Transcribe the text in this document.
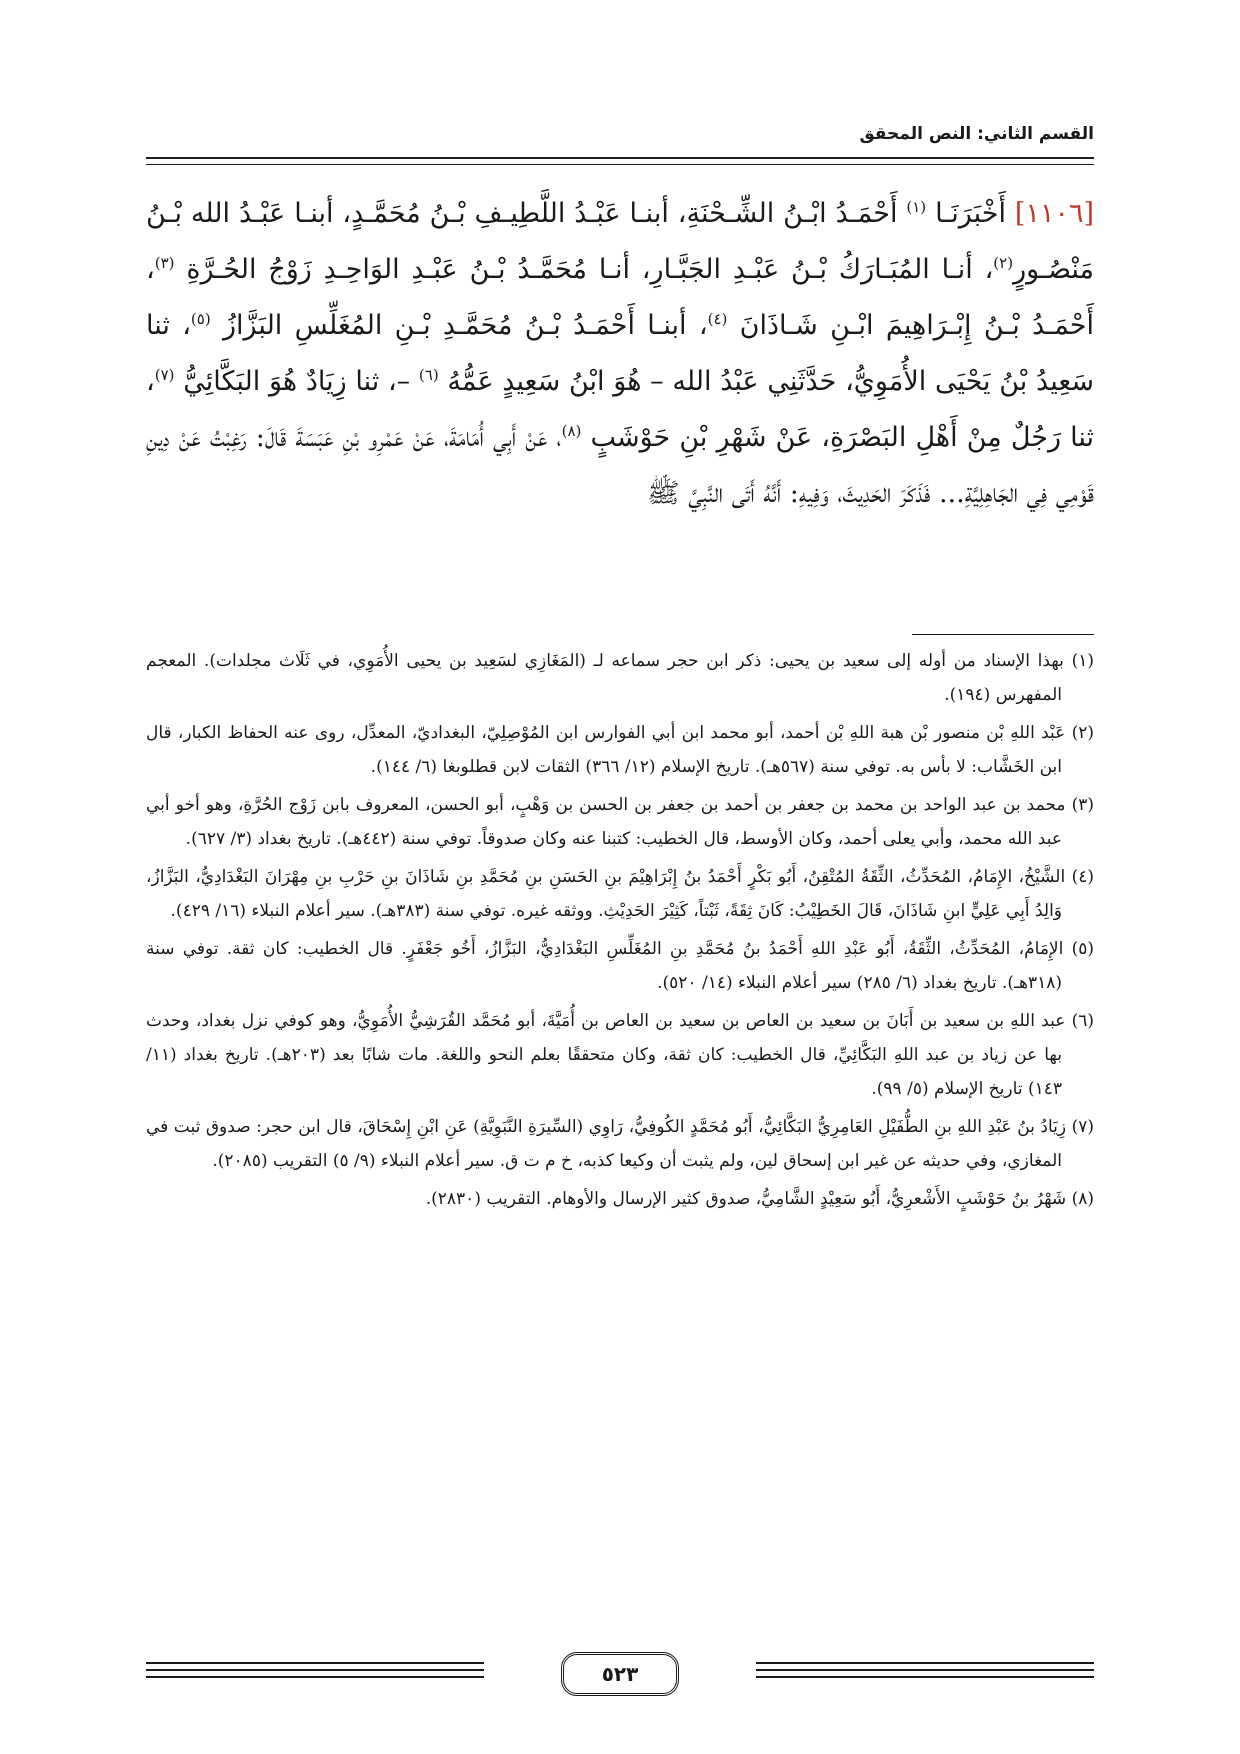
القسم الثاني: النص المحقق

[١١٠٦] أَخْبَرَنَـا $^{(١)}$ أَحْمَـدُ ابْـنُ الشِّـحْنَةِ، أبنـا عَبْـدُ اللَّطِيـفِ بْـنُ مُحَمَّـدٍ، أبنـا عَبْـدُ الله بْـنُ مَنْصُـورٍ$^{(٢)}$، أنـا المُبَـارَكُ بْـنُ عَبْـدِ الجَبَّـارِ، أنـا مُحَمَّـدُ بْـنُ عَبْـدِ الوَاحِـدِ زَوْجُ الحُـرَّةِ $^{(٣)}$، أَحْمَـدُ بْـنُ إِبْـرَاهِيمَ ابْـنِ شَـاذَانَ $^{(٤)}$، أبنـا أَحْمَـدُ بْـنُ مُحَمَّـدِ بْـنِ المُغَلِّسِ البَزَّازُ $^{(٥)}$، ثنا سَعِيدُ بْنُ يَحْيَى الأُمَوِيُّ، حَدَّثَنِي عَبْدُ الله – هُوَ ابْنُ سَعِيدٍ عَمُّهُ $^{(٦)}$ –، ثنا زِيَادٌ هُوَ البَكَّائِيُّ $^{(٧)}$، ثنا رَجُلٌ مِنْ أَهْلِ البَصْرَةِ، عَنْ شَهْرِ بْنِ حَوْشَبٍ $^{(٨)}$، عَنْ أَبِي أُمَامَةَ، عَنْ عَمْرِو بْنِ عَبَسَةَ قَالَ: رَغِبْتُ عَنْ دِينِ قَوْمِي فِي الجَاهِلِيَّةِ... فَذَكَرَ الحَدِيثَ، وَفِيهِ: أَنَّهُ أَتَى النَّبِيَّ ﷺ

(١) بهذا الإسناد من أوله إلى سعيد بن يحيى: ذكر ابن حجر سماعه لـ (المَغَازِي لسَعِيد بن يحيى الأُمَوِي، في ثَلَاث مجلدات). المعجم المفهرس (١٩٤).

(٢) عَبْد اللهِ بْن منصور بْن هبة اللهِ بْن أحمد، أبو محمد ابن أبي الفوارس ابن المُوْصِلِيّ، البغداديّ، المعدِّل، روى عنه الحفاظ الكبار، قال ابن الخَشَّاب: لا بأس به. توفي سنة (٥٦٧هـ). تاريخ الإسلام (١٢/ ٣٦٦) الثقات لابن قطلوبغا (٦/ ١٤٤).

(٣) محمد بن عبد الواحد بن محمد بن جعفر بن أحمد بن جعفر بن الحسن بن وَهْبٍ، أبو الحسن، المعروف بابن زَوْج الحُرَّةِ، وهو أخو أبي عبد الله محمد، وأبي يعلى أحمد، وكان الأوسط، قال الخطيب: كتبنا عنه وكان صدوقاً. توفي سنة (٤٤٢هـ). تاريخ بغداد (٣/ ٦٢٧).

(٤) الشَّيْخُ، الإِمَامُ، المُحَدِّثُ، الثِّقَةُ المُتْقِنُ، أَبُو بَكْرٍ أَحْمَدُ بنُ إِبْرَاهِيْمَ بنِ الحَسَنِ بنِ مُحَمَّدِ بنِ شَاذَانَ بنِ حَرْبِ بنِ مِهْرَانَ البَغْدَادِيُّ، البَزَّازُ، وَالِدُ أَبِي عَلِيٍّ ابنِ شَاذَانَ، قَالَ الخَطِيْبُ: كَانَ ثِقَةً، ثَبْتاً، كَثِيْرَ الحَدِيْثِ. ووثقه غيره. توفي سنة (٣٨٣هـ). سير أعلام النبلاء (١٦/ ٤٢٩).

(٥) الإِمَامُ، المُحَدِّثُ، الثِّقَةُ، أَبُو عَبْدِ اللهِ أَحْمَدُ بنُ مُحَمَّدِ بنِ المُغَلِّسِ البَغْدَادِيُّ، البَزَّازُ، أَخُو جَعْفَرٍ. قال الخطيب: كان ثقة. توفي سنة (٣١٨هـ). تاريخ بغداد (٦/ ٢٨٥) سير أعلام النبلاء (١٤/ ٥٢٠).

(٦) عبد اللهِ بن سعيد بن أَبَانَ بن سعيد بن العاص بن سعيد بن العاص بن أُمَيَّةَ، أبو مُحَمَّد القُرَشِيُّ الأُمَوِيُّ، وهو كوفي نزل بغداد، وحدث بها عن زياد بن عبد اللهِ البَكَّائِيِّ، قال الخطيب: كان ثقة، وكان متحققًا بعلم النحو واللغة. مات شابًا بعد (٢٠٣هـ). تاريخ بغداد (١١/ ١٤٣) تاريخ الإسلام (٥/ ٩٩).

(٧) زِيَادُ بنُ عَبْدِ اللهِ بنِ الطُّفَيْلِ العَامِرِيُّ البَكَّائِيُّ، أَبُو مُحَمَّدٍ الكُوفِيُّ، رَاوِي (السِّيرَةِ النَّبَوِيَّةِ) عَنِ ابْنِ إِسْحَاقَ، قال ابن حجر: صدوق ثبت في المغازي، وفي حديثه عن غير ابن إسحاق لين، ولم يثبت أن وكيعا كذبه، خ م ت ق. سير أعلام النبلاء (٩/ ٥) التقريب (٢٠٨٥).

(٨) شَهْرُ بنُ حَوْشَبٍ الأَشْعرِيُّ، أَبُو سَعِيْدٍ الشَّامِيُّ، صدوق كثير الإرسال والأوهام. التقريب (٢٨٣٠).

٥٢٣
